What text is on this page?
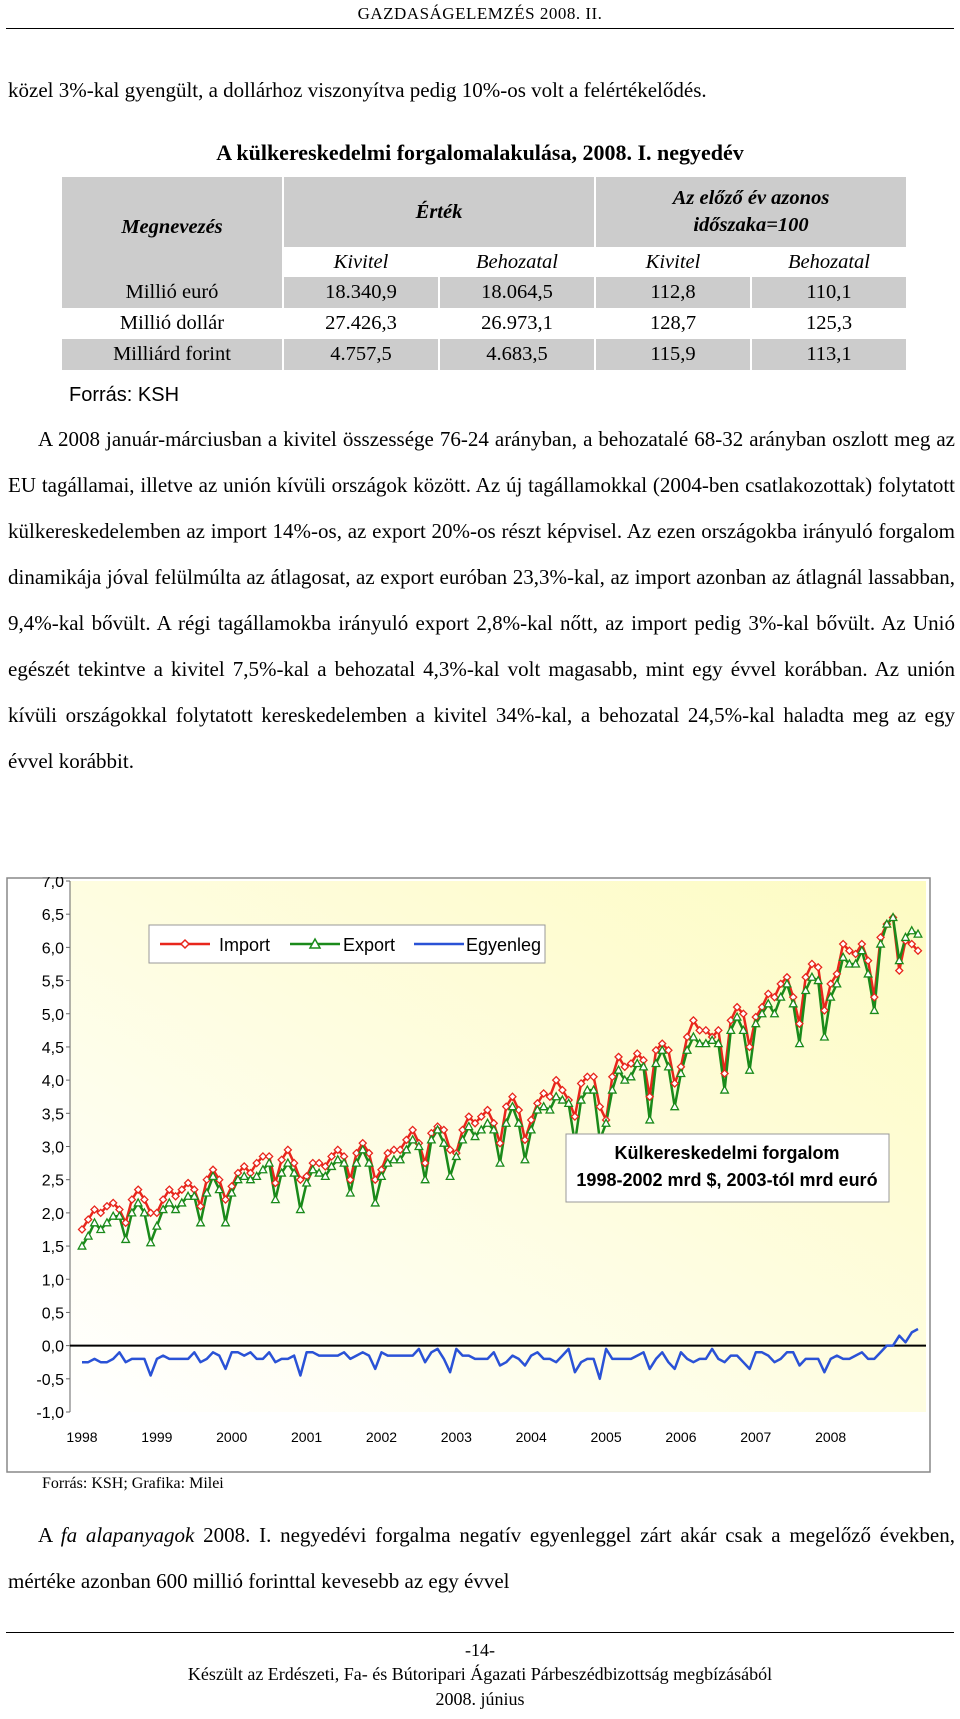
GAZDASÁGELEMZÉS 2008. II.

közel 3%-kal gyengült, a dollárhoz viszonyítva pedig 10%-os volt a felértékelődés.

A külkereskedelmi forgalomalakulása, 2008. I. negyedév
Megnevezés	Érték		Az előző év azonos
időszaka=100	
	Kivitel	Behozatal	Kivitel	Behozatal
Millió euró	18.340,9	18.064,5	112,8	110,1
Millió dollár	27.426,3	26.973,1	128,7	125,3
Milliárd forint	4.757,5	4.683,5	115,9	113,1
Forrás: KSH

A 2008 január-márciusban a kivitel összessége 76-24 arányban, a behozatalé 68-32 arányban oszlott meg az EU tagállamai, illetve az unión kívüli országok között. Az új tagállamokkal (2004-ben csatlakozottak) folytatott külkereskedelemben az import 14%-os, az export 20%-os részt képvisel. Az ezen országokba irányuló forgalom dinamikája jóval felülmúlta az átlagosat, az export euróban 23,3%-kal, az import azonban az átlagnál lassabban, 9,4%-kal bővült. A régi tagállamokba irányuló export 2,8%-kal nőtt, az import pedig 3%-kal bővült. Az Unió egészét tekintve a kivitel 7,5%-kal a behozatal 4,3%-kal volt magasabb, mint egy évvel korábban. Az unión kívüli országokkal folytatott kereskedelemben a kivitel 34%-kal, a behozatal 24,5%-kal haladta meg az egy évvel korábbit.

7,0
6,5
6,0
5,5
5,0
4,5
4,0
3,5
3,0
2,5
2,0
1,5
1,0
0,5
0,0
-0,5
-1,0
1998	1999	2000	2001	2002	2003	2004	2005	2006	2007	2008
Import	Export	Egyenleg
Külkereskedelmi forgalom
1998-2002 mrd $, 2003-tól mrd euró
Forrás: KSH; Grafika: Milei

A fa alapanyagok 2008. I. negyedévi forgalma negatív egyenleggel zárt akár csak a megelőző években, mértéke azonban 600 millió forinttal kevesebb az egy évvel

-14-
Készült az Erdészeti, Fa- és Bútoripari Ágazati Párbeszédbizottság megbízásából
2008. június
